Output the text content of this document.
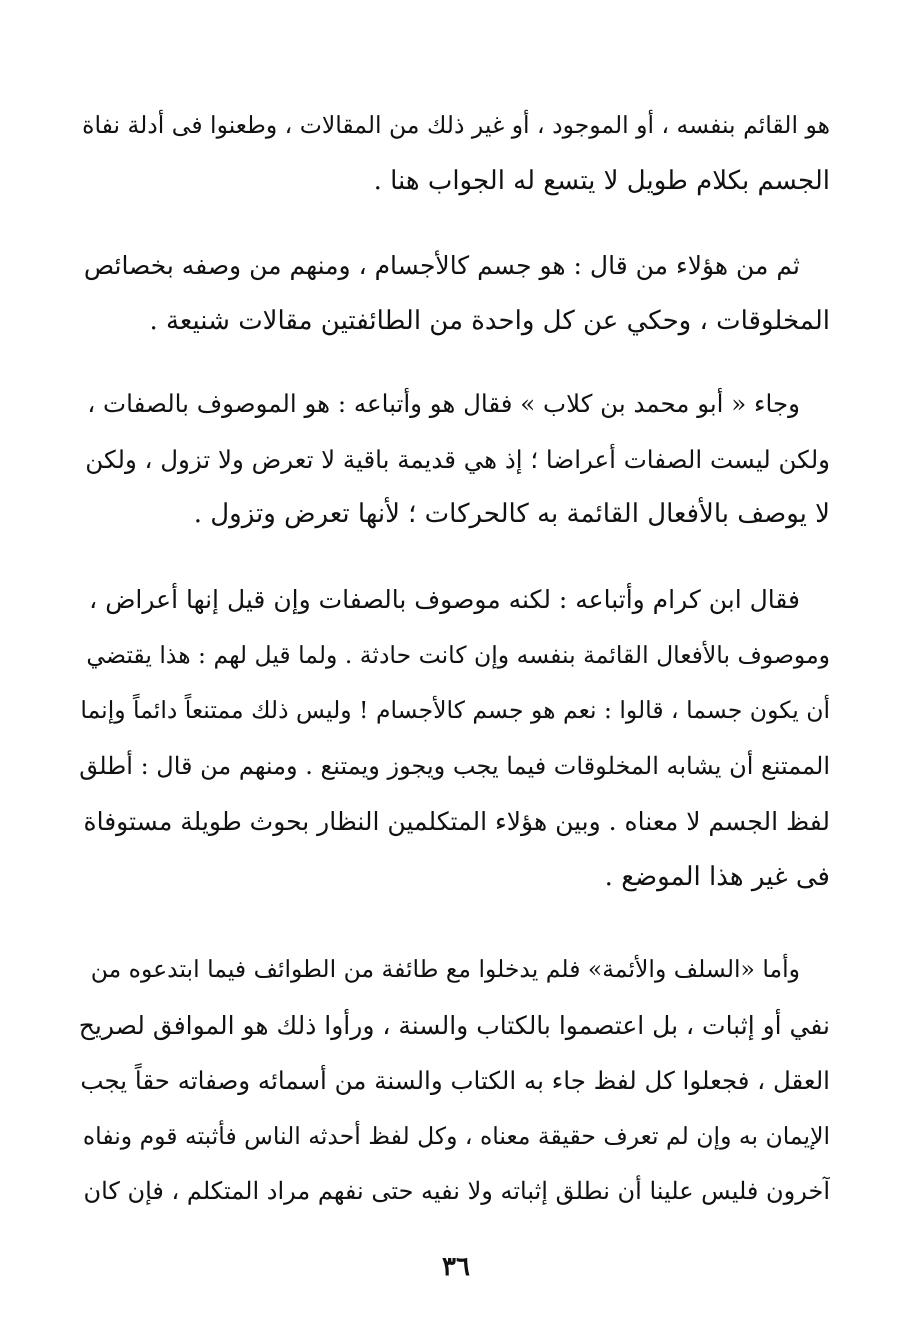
هو القائم بنفسه ، أو الموجود ، أو غير ذلك من المقالات ، وطعنوا فى أدلة نفاة
الجسم بكلام طويل لا يتسع له الجواب هنا .
ثم من هؤلاء من قال : هو جسم كالأجسام ، ومنهم من وصفه بخصائص
المخلوقات ، وحكي عن كل واحدة من الطائفتين مقالات شنيعة .
وجاء « أبو محمد بن كلاب » فقال هو وأتباعه : هو الموصوف بالصفات ،
ولكن ليست الصفات أعراضا ؛ إذ هي قديمة باقية لا تعرض ولا تزول ، ولكن
لا يوصف بالأفعال القائمة به كالحركات ؛ لأنها تعرض وتزول .
فقال ابن كرام وأتباعه : لكنه موصوف بالصفات وإن قيل إنها أعراض ،
وموصوف بالأفعال القائمة بنفسه وإن كانت حادثة . ولما قيل لهم : هذا يقتضي
أن يكون جسما ، قالوا : نعم هو جسم كالأجسام ! وليس ذلك ممتنعاً دائماً وإنما
الممتنع أن يشابه المخلوقات فيما يجب ويجوز ويمتنع . ومنهم من قال : أطلق
لفظ الجسم لا معناه . وبين هؤلاء المتكلمين النظار بحوث طويلة مستوفاة
فى غير هذا الموضع .
وأما «السلف والأئمة» فلم يدخلوا مع طائفة من الطوائف فيما ابتدعوه من
نفي أو إثبات ، بل اعتصموا بالكتاب والسنة ، ورأوا ذلك هو الموافق لصريح
العقل ، فجعلوا كل لفظ جاء به الكتاب والسنة من أسمائه وصفاته حقاً يجب
الإيمان به وإن لم تعرف حقيقة معناه ، وكل لفظ أحدثه الناس فأثبته قوم ونفاه
آخرون فليس علينا أن نطلق إثباته ولا نفيه حتى نفهم مراد المتكلم ، فإن كان
٣٦
